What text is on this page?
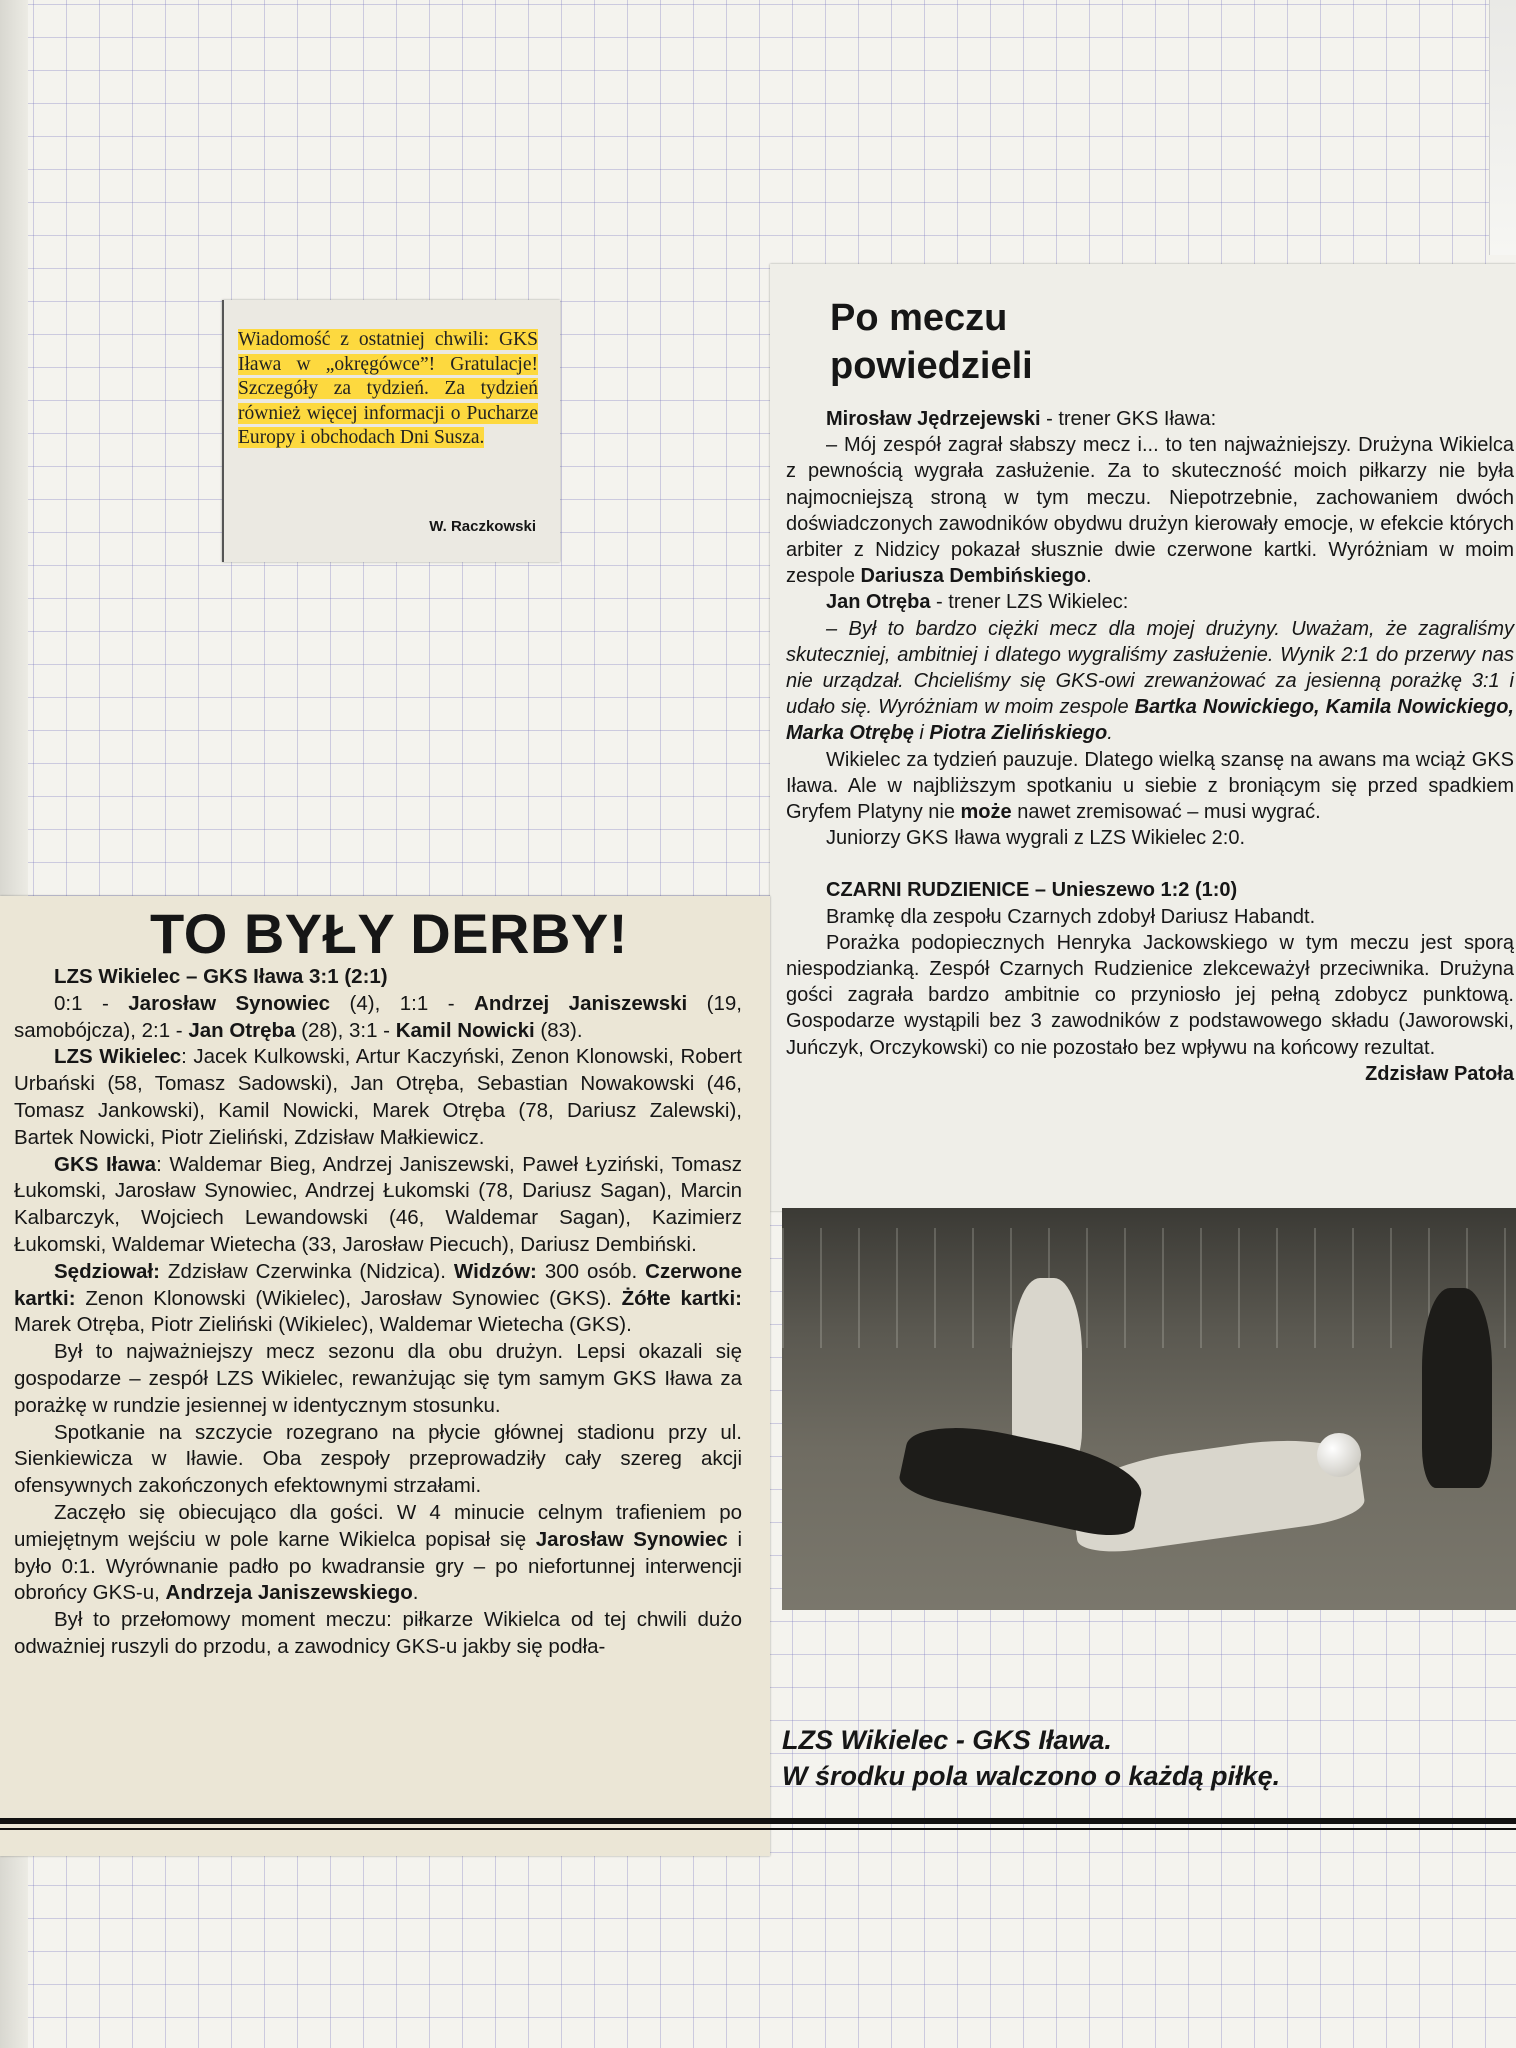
Wiadomość z ostatniej chwili: GKS Iława w „okręgówce”! Gratulacje! Szczegóły za tydzień. Za tydzień również więcej informacji o Pucharze Europy i obchodach Dni Susza.
W. Raczkowski
Po meczu powiedzieli

Mirosław Jędrzejewski - trener GKS Iława:

– Mój zespół zagrał słabszy mecz i... to ten najważniejszy. Drużyna Wikielca z pewnością wygrała zasłużenie. Za to skuteczność moich piłkarzy nie była najmocniejszą stroną w tym meczu. Niepotrzebnie, zachowaniem dwóch doświadczonych zawodników obydwu drużyn kierowały emocje, w efekcie których arbiter z Nidzicy pokazał słusznie dwie czerwone kartki. Wyróżniam w moim zespole Dariusza Dembińskiego.

Jan Otręba - trener LZS Wikielec:

– Był to bardzo ciężki mecz dla mojej drużyny. Uważam, że zagraliśmy skuteczniej, ambitniej i dlatego wygraliśmy zasłużenie. Wynik 2:1 do przerwy nas nie urządzał. Chcieliśmy się GKS-owi zrewanżować za jesienną porażkę 3:1 i udało się. Wyróżniam w moim zespole Bartka Nowickiego, Kamila Nowickiego, Marka Otrębę i Piotra Zielińskiego.

Wikielec za tydzień pauzuje. Dlatego wielką szansę na awans ma wciąż GKS Iława. Ale w najbliższym spotkaniu u siebie z broniącym się przed spadkiem Gryfem Platyny nie może nawet zremisować – musi wygrać.

Juniorzy GKS Iława wygrali z LZS Wikielec 2:0.

CZARNI RUDZIENICE – Unieszewo 1:2 (1:0)

Bramkę dla zespołu Czarnych zdobył Dariusz Habandt.

Porażka podopiecznych Henryka Jackowskiego w tym meczu jest sporą niespodzianką. Zespół Czarnych Rudzienice zlekceważył przeciwnika. Drużyna gości zagrała bardzo ambitnie co przyniosło jej pełną zdobycz punktową. Gospodarze wystąpili bez 3 zawodników z podstawowego składu (Jaworowski, Juńczyk, Orczykowski) co nie pozostało bez wpływu na końcowy rezultat.
Zdzisław Patoła

LZS Wikielec - GKS Iława.
W środku pola walczono o każdą piłkę.
TO BYŁY DERBY!

LZS Wikielec – GKS Iława 3:1 (2:1)

0:1 - Jarosław Synowiec (4), 1:1 - Andrzej Janiszewski (19, samobójcza), 2:1 - Jan Otręba (28), 3:1 - Kamil Nowicki (83).

LZS Wikielec: Jacek Kulkowski, Artur Kaczyński, Zenon Klonowski, Robert Urbański (58, Tomasz Sadowski), Jan Otręba, Sebastian Nowakowski (46, Tomasz Jankowski), Kamil Nowicki, Marek Otręba (78, Dariusz Zalewski), Bartek Nowicki, Piotr Zieliński, Zdzisław Małkiewicz.

GKS Iława: Waldemar Bieg, Andrzej Janiszewski, Paweł Łyziński, Tomasz Łukomski, Jarosław Synowiec, Andrzej Łukomski (78, Dariusz Sagan), Marcin Kalbarczyk, Wojciech Lewandowski (46, Waldemar Sagan), Kazimierz Łukomski, Waldemar Wietecha (33, Jarosław Piecuch), Dariusz Dembiński.

Sędziował: Zdzisław Czerwinka (Nidzica). Widzów: 300 osób. Czerwone kartki: Zenon Klonowski (Wikielec), Jarosław Synowiec (GKS). Żółte kartki: Marek Otręba, Piotr Zieliński (Wikielec), Waldemar Wietecha (GKS).

Był to najważniejszy mecz sezonu dla obu drużyn. Lepsi okazali się gospodarze – zespół LZS Wikielec, rewanżując się tym samym GKS Iława za porażkę w rundzie jesiennej w identycznym stosunku.

Spotkanie na szczycie rozegrano na płycie głównej stadionu przy ul. Sienkiewicza w Iławie. Oba zespoły przeprowadziły cały szereg akcji ofensywnych zakończonych efektownymi strzałami.

Zaczęło się obiecująco dla gości. W 4 minucie celnym trafieniem po umiejętnym wejściu w pole karne Wikielca popisał się Jarosław Synowiec i było 0:1. Wyrównanie padło po kwadransie gry – po niefortunnej interwencji obrońcy GKS-u, Andrzeja Janiszewskiego.

Był to przełomowy moment meczu: piłkarze Wikielca od tej chwili dużo odważniej ruszyli do przodu, a zawodnicy GKS-u jakby się podła-
